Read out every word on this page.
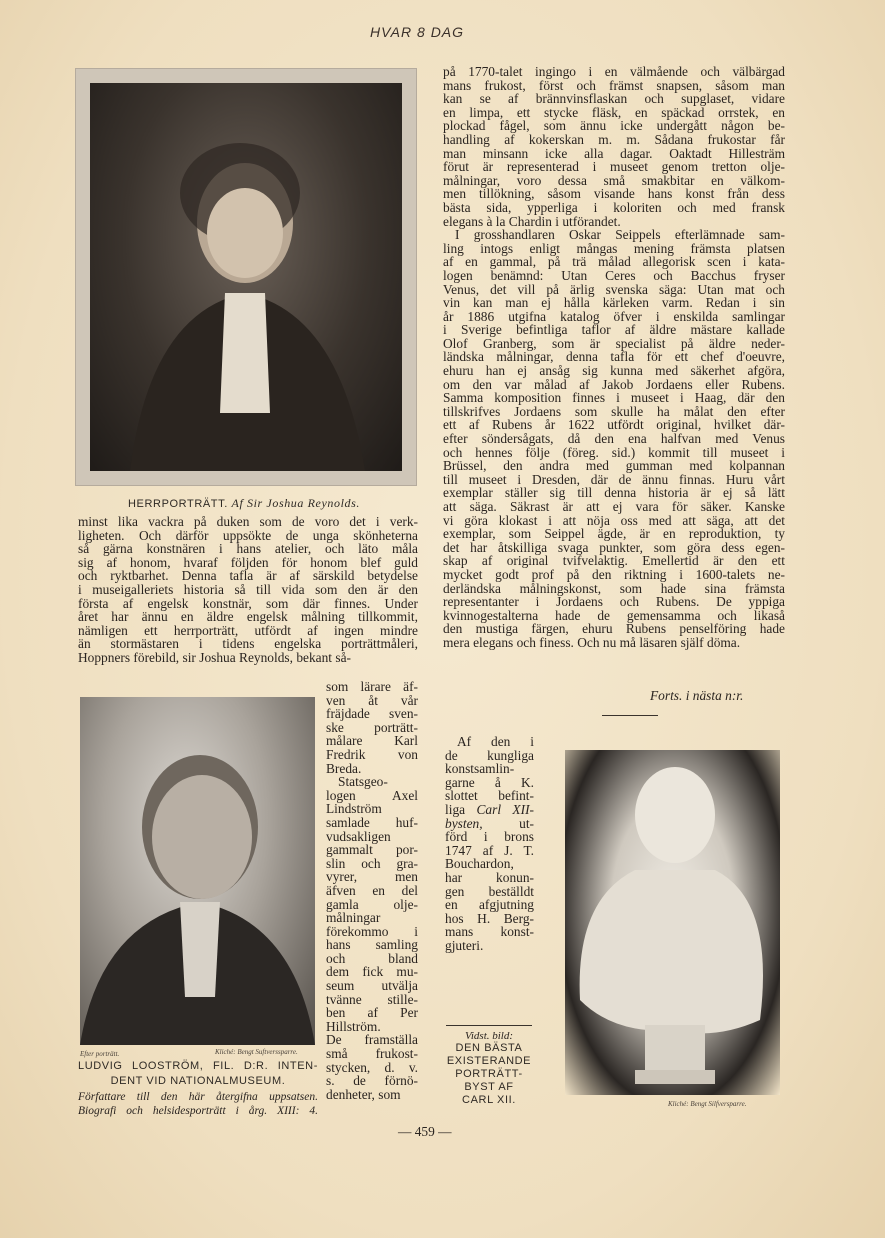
HVAR 8 DAG
HERRPORTRÄTT. Af Sir Joshua Reynolds.
minst lika vackra på duken som de voro det i verk-
ligheten. Och därför uppsökte de unga skönheterna
så gärna konstnären i hans atelier, och läto måla
sig af honom, hvaraf följden för honom blef guld
och ryktbarhet. Denna tafla är af särskild betydelse
i museigalleriets historia så till vida som den är den
första af engelsk konstnär, som där finnes. Under
året har ännu en äldre engelsk målning tillkommit,
nämligen ett herrporträtt, utfördt af ingen mindre
än stormästaren i tidens engelska porträttmåleri,
Hoppners förebild, sir Joshua Reynolds, bekant så-
som lärare äf-
ven åt vår
fräjdade sven-
ske porträtt-
målare Karl
Fredrik von
Breda.
Statsgeo-
logen Axel
Lindström
samlade huf-
vudsakligen
gammalt por-
slin och gra-
vyrer, men
äfven en del
gamla olje-
målningar
förekommo i
hans samling
och bland
dem fick mu-
seum utvälja
tvänne stille-
ben af Per
Hillström.
De framställa
små frukost-
stycken, d. v.
s. de förnö-
denheter, som
Efter porträtt.	Kliché: Bengt Suftverssparre.
LUDVIG LOOSTRÖM, FIL. D:R. INTEN-
DENT VID NATIONALMUSEUM.
Författare till den här återgifna uppsatsen.
Biografi och helsidesporträtt i årg. XIII: 4.
på 1770-talet ingingo i en välmående och välbärgad
mans frukost, först och främst snapsen, såsom man
kan se af brännvinsflaskan och supglaset, vidare
en limpa, ett stycke fläsk, en späckad orrstek, en
plockad fågel, som ännu icke undergått någon be-
handling af kokerskan m. m. Sådana frukostar får
man minsann icke alla dagar. Oaktadt Hillesträm
förut är representerad i museet genom tretton olje-
målningar, voro dessa små smakbitar en välkom-
men tillökning, såsom visande hans konst från dess
bästa sida, ypperliga i koloriten och med fransk
elegans à la Chardin i utförandet.
I grosshandlaren Oskar Seippels efterlämnade sam-
ling intogs enligt mångas mening främsta platsen
af en gammal, på trä målad allegorisk scen i kata-
logen benämnd: Utan Ceres och Bacchus fryser
Venus, det vill på ärlig svenska säga: Utan mat och
vin kan man ej hålla kärleken varm. Redan i sin
år 1886 utgifna katalog öfver i enskilda samlingar
i Sverige befintliga taflor af äldre mästare kallade
Olof Granberg, som är specialist på äldre neder-
ländska målningar, denna tafla för ett chef d'oeuvre,
ehuru han ej ansåg sig kunna med säkerhet afgöra,
om den var målad af Jakob Jordaens eller Rubens.
Samma komposition finnes i museet i Haag, där den
tillskrifves Jordaens som skulle ha målat den efter
ett af Rubens år 1622 utfördt original, hvilket där-
efter söndersågats, då den ena halfvan med Venus
och hennes följe (föreg. sid.) kommit till museet i
Brüssel, den andra med gumman med kolpannan
till museet i Dresden, där de ännu finnas. Huru vårt
exemplar ställer sig till denna historia är ej så lätt
att säga. Säkrast är att ej vara för säker. Kanske
vi göra klokast i att nöja oss med att säga, att det
exemplar, som Seippel ägde, är en reproduktion, ty
det har åtskilliga svaga punkter, som göra dess egen-
skap af original tvifvelaktig. Emellertid är den ett
mycket godt prof på den riktning i 1600-talets ne-
derländska målningskonst, som hade sina främsta
representanter i Jordaens och Rubens. De yppiga
kvinnogestalterna hade de gemensamma och likaså
den mustiga färgen, ehuru Rubens penselföring hade
mera elegans och finess. Och nu må läsaren själf döma.
Forts. i nästa n:r.
Af den i
de kungliga
konstsamlin-
garne å K.
slottet befint-
liga Carl XII-
bysten,	ut-
förd i brons
1747 af J. T.
Bouchardon,
har konun-
gen beställdt
en afgjutning
hos H. Berg-
mans konst-
gjuteri.
Vidst. bild:
DEN BÄSTA
EXISTERANDE
PORTRÄTT-
BYST AF
CARL XII.	Kliché: Bengt Silfversparre.
— 459 —
